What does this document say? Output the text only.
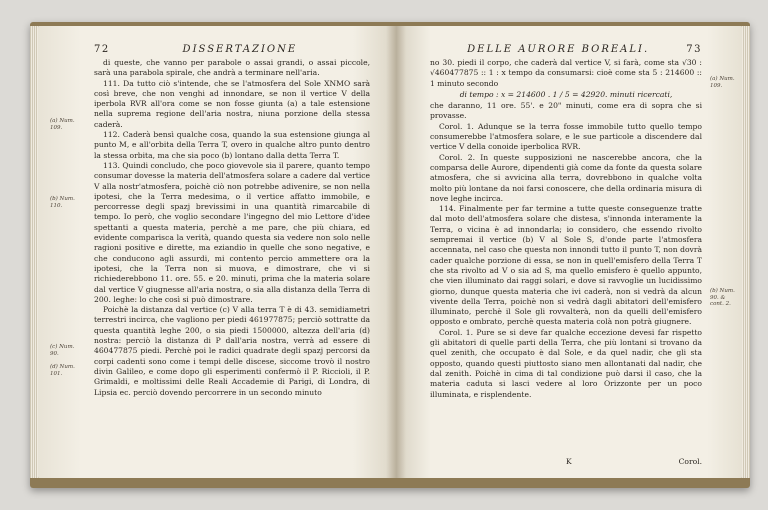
72	DISSERTAZIONE

di queste, che vanno per parabole o assai grandi, o assai piccole, sarà una parabola spirale, che andrà a terminare nell'aria.

111. Da tutto ciò s'intende, che se l'atmosfera del Sole XNMO sarà così breve, che non venghi ad innondare, se non il vertice V della iperbola RVR all'ora come se non fosse giunta (a) a tale estensione nella suprema regione dell'aria nostra, niuna porzione della stessa caderà.

112. Caderà bensì qualche cosa, quando la sua estensione giunga al punto M, e all'orbita della Terra T, overo in qualche altro punto dentro la stessa orbita, ma che sia poco (b) lontano dalla detta Terra T.

113. Quindi concludo, che poco giovevole sia il parere, quanto tempo consumar dovesse la materia dell'atmosfera solare a cadere dal vertice V alla nostr'atmosfera, poichè ciò non potrebbe adivenire, se non nella ipotesi, che la Terra medesima, o il vertice affatto immobile, e percorresse degli spazj brevissimi in una quantità rimarcabile di tempo. Io però, che voglio secondare l'ingegno del mio Lettore d'idee spettanti a questa materia, perchè a me pare, che più chiara, ed evidente comparisca la verità, quando questa sia vedere non solo nelle ragioni positive e dirette, ma eziandio in quelle che sono negative, e che conducono agli assurdi, mi contento percio ammettere ora la ipotesi, che la Terra non si muova, e dimostrare, che vi si richiederebbono 11. ore. 55. e 20. minuti, prima che la materia solare dal vertice V giugnesse all'aria nostra, o sia alla distanza della Terra di 200. leghe: lo che così si può dimostrare.

Poichè la distanza dal vertice (c) V alla terra T è di 43. semidiametri terrestri incirca, che vagliono per piedi 461977875; perciò sottratte da questa quantità leghe 200, o sia piedi 1500000, altezza dell'aria (d) nostra: perciò la distanza di P dall'aria nostra, verrà ad essere di 460477875 piedi. Perchè poi le radici quadrate degli spazj percorsi da corpi cadenti sono come i tempi delle discese, siccome trovò il nostro divin Galileo, e come dopo gli esperimenti confermò il P. Riccioli, il P. Grimaldi, e moltissimi delle Reali Accademie di Parigi, di Londra, di Lipsia ec. perciò dovendo percorrere in un secondo minuto

(a) Num. 109.
(b) Num. 110.
(c) Num. 90.
(d) Num. 101.
DELLE AURORE BOREALI.	73

no 30. piedi il corpo, che caderà dal vertice V, si farà, come sta √30 : √460477875 :: 1 : x tempo da consumarsi: cioè come sta 5 : 214600 :: 1 minuto secondo

di tempo : x = 214600 . 1 / 5 = 42920. minuti ricercati,

che daranno, 11 ore. 55'. e 20" minuti, come era di sopra che si provasse.

Corol. 1. Adunque se la terra fosse immobile tutto quello tempo consumerebbe l'atmosfera solare, e le sue particole a discendere dal vertice V della conoide iperbolica RVR.

Corol. 2. In queste supposizioni ne nascerebbe ancora, che la comparsa delle Aurore, dipendenti già come da fonte da questa solare atmosfera, che si avvicina alla terra, dovrebbono in qualche volta molto più lontane da noi farsi conoscere, che della ordinaria misura di nove leghe incirca.

114. Finalmente per far termine a tutte queste conseguenze tratte dal moto dell'atmosfera solare che distesa, s'innonda interamente la Terra, o vicina è ad innondarla; io considero, che essendo rivolto sempremai il vertice (b) V al Sole S, d'onde parte l'atmosfera accennata, nel caso che questa non innondi tutto il punto T, non dovrà cader qualche porzione di essa, se non in quell'emisfero della Terra T che sta rivolto ad V o sia ad S, ma quello emisfero è quello appunto, che vien illuminato dai raggi solari, e dove si ravvoglie un lucidissimo giorno, dunque questa materia che ivi caderà, non si vedrà da alcun vivente della Terra, poichè non si vedrà dagli abitatori dell'emisfero illuminato, perchè il Sole gli rovvalterà, non da quelli dell'emisfero opposto e ombrato, perchè questa materia colà non potrà giugnere.

Corol. 1. Pure se si deve far qualche eccezione devesi far rispetto gli abitatori di quelle parti della Terra, che più lontani si trovano da quel zenith, che occupato è dal Sole, e da quel nadir, che gli sta opposto, quando questi piuttosto siano men allontanati dal nadir, che dal zenith. Poichè in cima di tal condizione può darsi il caso, che la materia caduta si lasci vedere al loro Orizzonte per un poco illuminata, e risplendente.

(a) Num. 109.
(b) Num. 90. & cont. 2.
K	Corol.
